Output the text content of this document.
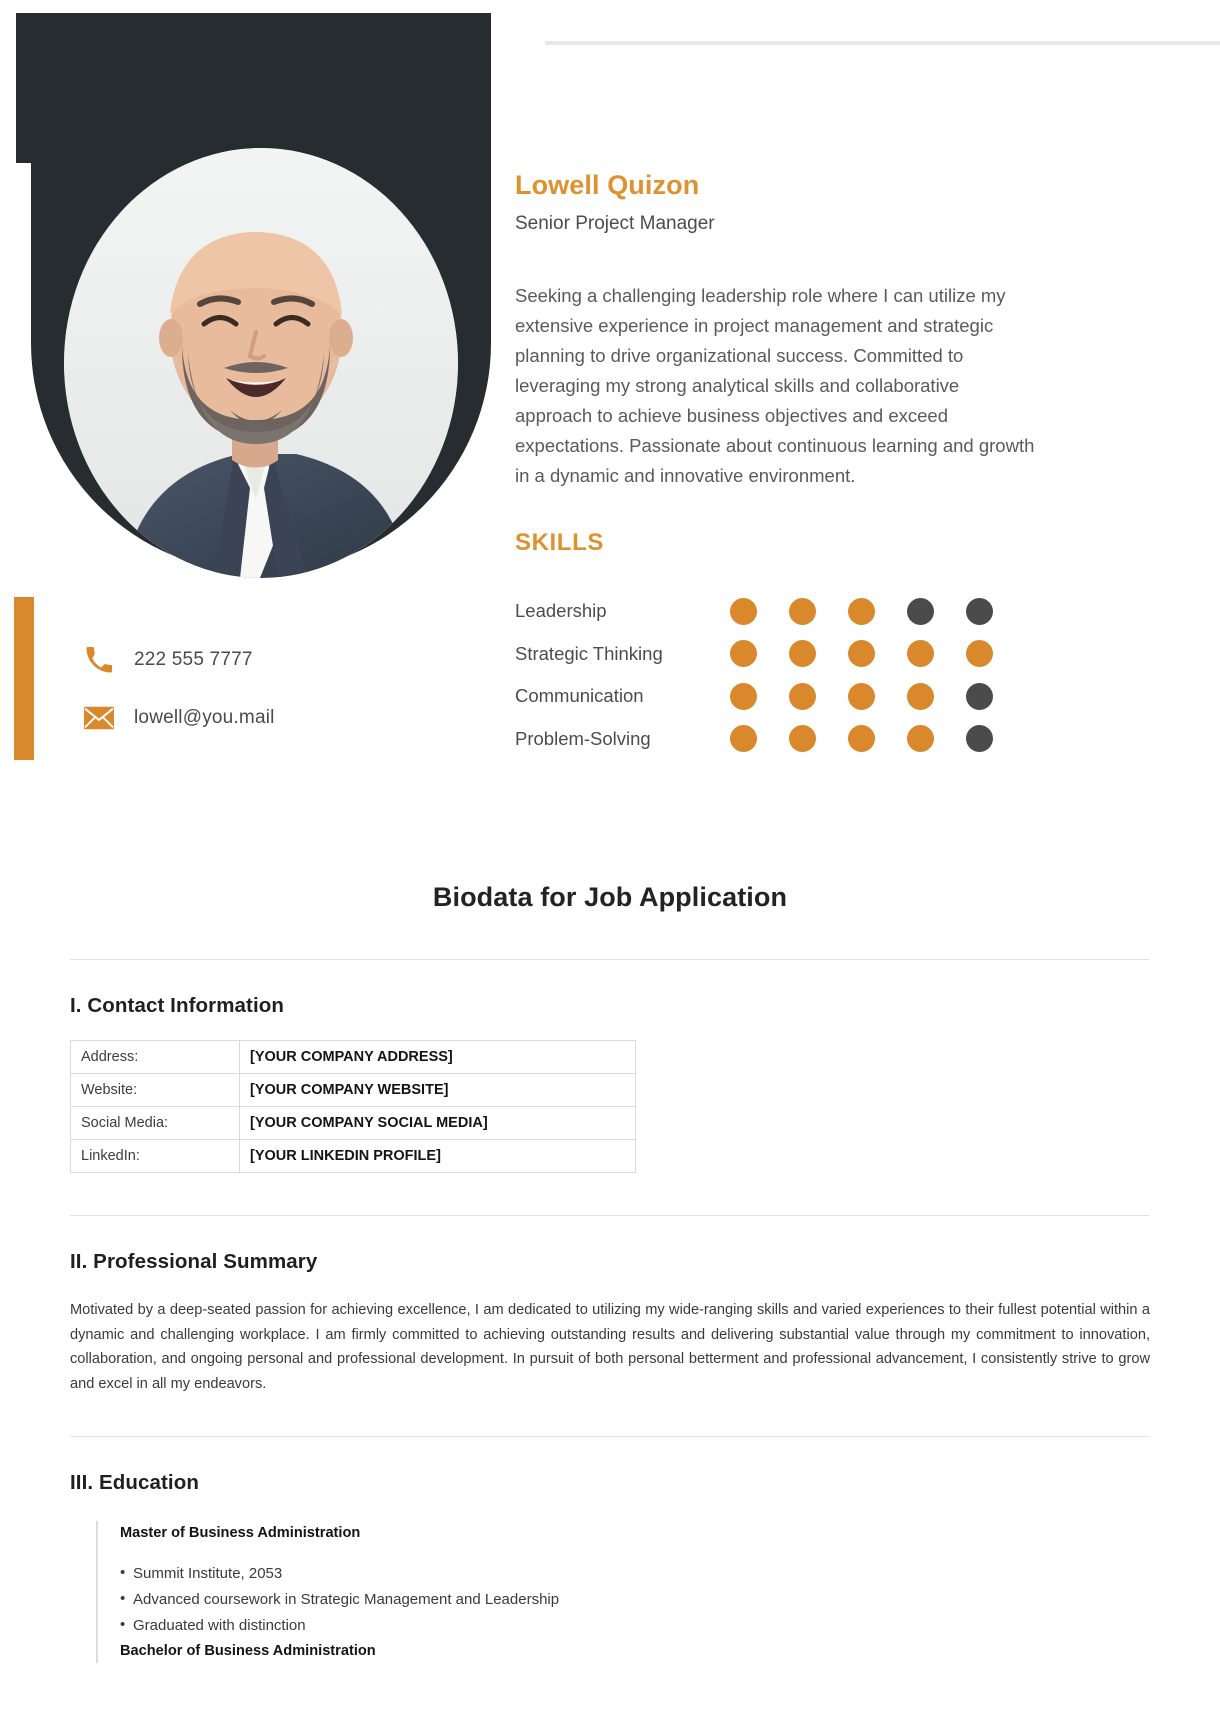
222 555 7777
lowell@you.mail
Lowell Quizon
Senior Project Manager

Seeking a challenging leadership role where I can utilize my extensive experience in project management and strategic planning to drive organizational success. Committed to leveraging my strong analytical skills and collaborative approach to achieve business objectives and exceed expectations. Passionate about continuous learning and growth in a dynamic and innovative environment.

SKILLS
Leadership
Strategic Thinking
Communication
Problem-Solving
Biodata for Job Application
I. Contact Information
Address:	[YOUR COMPANY ADDRESS]
Website:	[YOUR COMPANY WEBSITE]
Social Media:	[YOUR COMPANY SOCIAL MEDIA]
LinkedIn:	[YOUR LINKEDIN PROFILE]
II. Professional Summary

Motivated by a deep-seated passion for achieving excellence, I am dedicated to utilizing my wide-ranging skills and varied experiences to their fullest potential within a dynamic and challenging workplace. I am firmly committed to achieving outstanding results and delivering substantial value through my commitment to innovation, collaboration, and ongoing personal and professional development. In pursuit of both personal betterment and professional advancement, I consistently strive to grow and excel in all my endeavors.

III. Education

Master of Business Administration

• Summit Institute, 2053
• Advanced coursework in Strategic Management and Leadership
• Graduated with distinction

Bachelor of Business Administration
